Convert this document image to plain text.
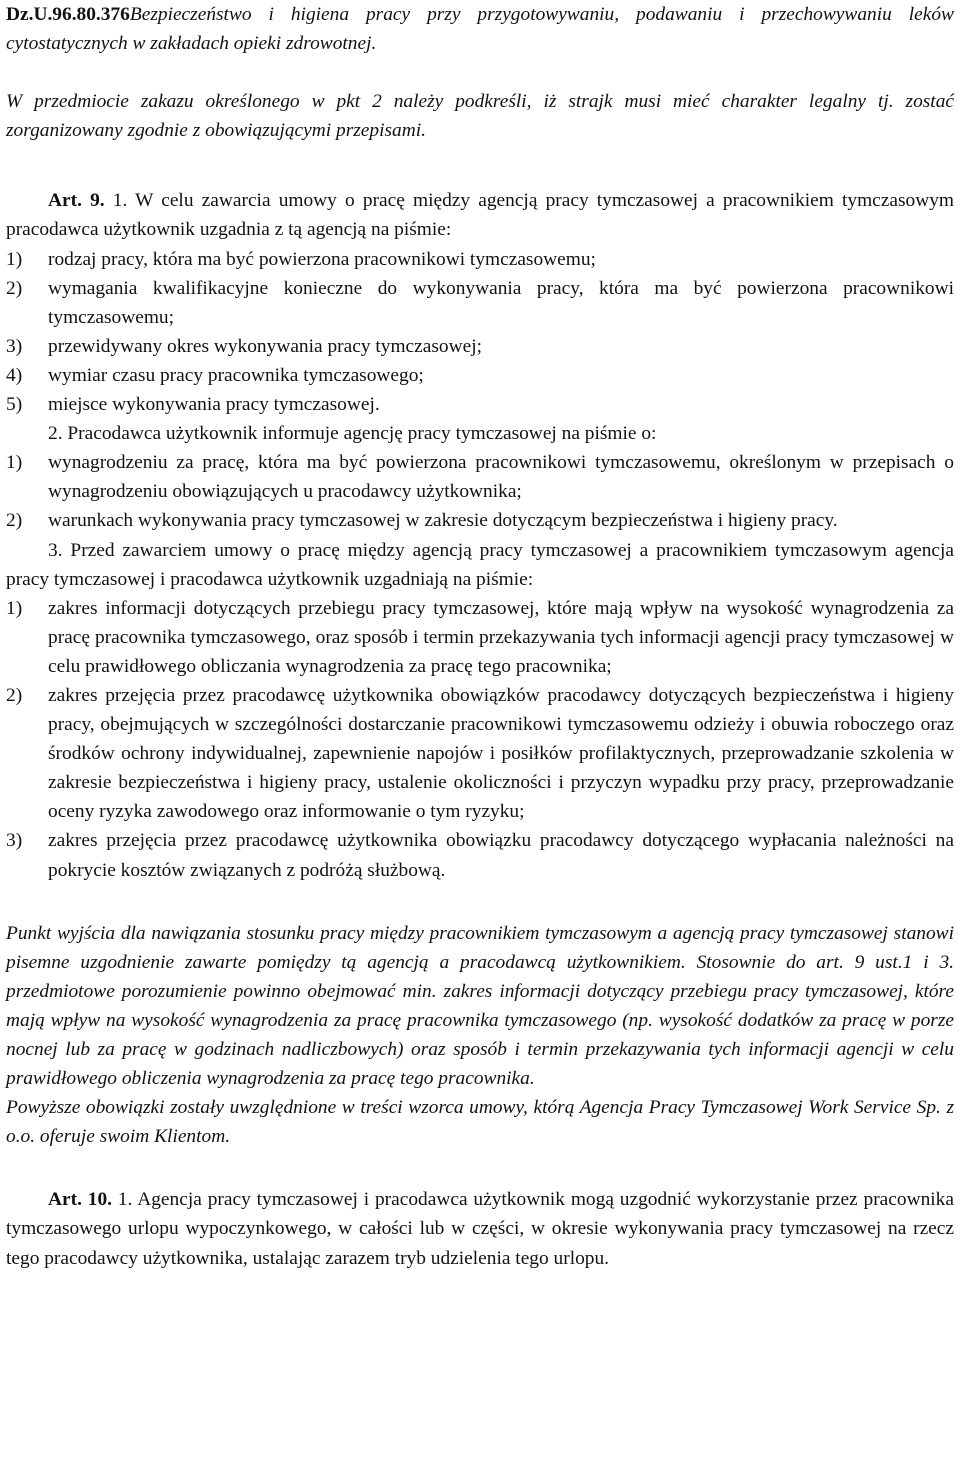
Dz.U.96.80.376Bezpieczeństwo i higiena pracy przy przygotowywaniu, podawaniu i przechowywaniu leków cytostatycznych w zakładach opieki zdrowotnej.

W przedmiocie zakazu określonego w pkt 2 należy podkreśli, iż strajk musi mieć charakter legalny tj. zostać zorganizowany zgodnie z obowiązującymi przepisami.

Art. 9. 1. W celu zawarcia umowy o pracę między agencją pracy tymczasowej a pracownikiem tymczasowym pracodawca użytkownik uzgadnia z tą agencją na piśmie:

1) rodzaj pracy, która ma być powierzona pracownikowi tymczasowemu;
2) wymagania kwalifikacyjne konieczne do wykonywania pracy, która ma być powierzona pracownikowi tymczasowemu;
3) przewidywany okres wykonywania pracy tymczasowej;
4) wymiar czasu pracy pracownika tymczasowego;
5) miejsce wykonywania pracy tymczasowej.

2. Pracodawca użytkownik informuje agencję pracy tymczasowej na piśmie o:

1) wynagrodzeniu za pracę, która ma być powierzona pracownikowi tymczasowemu, określonym w przepisach o wynagrodzeniu obowiązujących u pracodawcy użytkownika;
2) warunkach wykonywania pracy tymczasowej w zakresie dotyczącym bezpieczeństwa i higieny pracy.

3. Przed zawarciem umowy o pracę między agencją pracy tymczasowej a pracownikiem tymczasowym agencja pracy tymczasowej i pracodawca użytkownik uzgadniają na piśmie:

1) zakres informacji dotyczących przebiegu pracy tymczasowej, które mają wpływ na wysokość wynagrodzenia za pracę pracownika tymczasowego, oraz sposób i termin przekazywania tych informacji agencji pracy tymczasowej w celu prawidłowego obliczania wynagrodzenia za pracę tego pracownika;
2) zakres przejęcia przez pracodawcę użytkownika obowiązków pracodawcy dotyczących bezpieczeństwa i higieny pracy, obejmujących w szczególności dostarczanie pracownikowi tymczasowemu odzieży i obuwia roboczego oraz środków ochrony indywidualnej, zapewnienie napojów i posiłków profilaktycznych, przeprowadzanie szkolenia w zakresie bezpieczeństwa i higieny pracy, ustalenie okoliczności i przyczyn wypadku przy pracy, przeprowadzanie oceny ryzyka zawodowego oraz informowanie o tym ryzyku;
3) zakres przejęcia przez pracodawcę użytkownika obowiązku pracodawcy dotyczącego wypłacania należności na pokrycie kosztów związanych z podróżą służbową.

Punkt wyjścia dla nawiązania stosunku pracy między pracownikiem tymczasowym a agencją pracy tymczasowej stanowi pisemne uzgodnienie zawarte pomiędzy tą agencją a pracodawcą użytkownikiem. Stosownie do art. 9 ust.1 i 3. przedmiotowe porozumienie powinno obejmować min. zakres informacji dotyczący przebiegu pracy tymczasowej, które mają wpływ na wysokość wynagrodzenia za pracę pracownika tymczasowego (np. wysokość dodatków za pracę w porze nocnej lub za pracę w godzinach nadliczbowych) oraz sposób i termin przekazywania tych informacji agencji w celu prawidłowego obliczenia wynagrodzenia za pracę tego pracownika.

Powyższe obowiązki zostały uwzględnione w treści wzorca umowy, którą Agencja Pracy Tymczasowej Work Service Sp. z o.o. oferuje swoim Klientom.

Art. 10. 1. Agencja pracy tymczasowej i pracodawca użytkownik mogą uzgodnić wykorzystanie przez pracownika tymczasowego urlopu wypoczynkowego, w całości lub w części, w okresie wykonywania pracy tymczasowej na rzecz tego pracodawcy użytkownika, ustalając zarazem tryb udzielenia tego urlopu.
